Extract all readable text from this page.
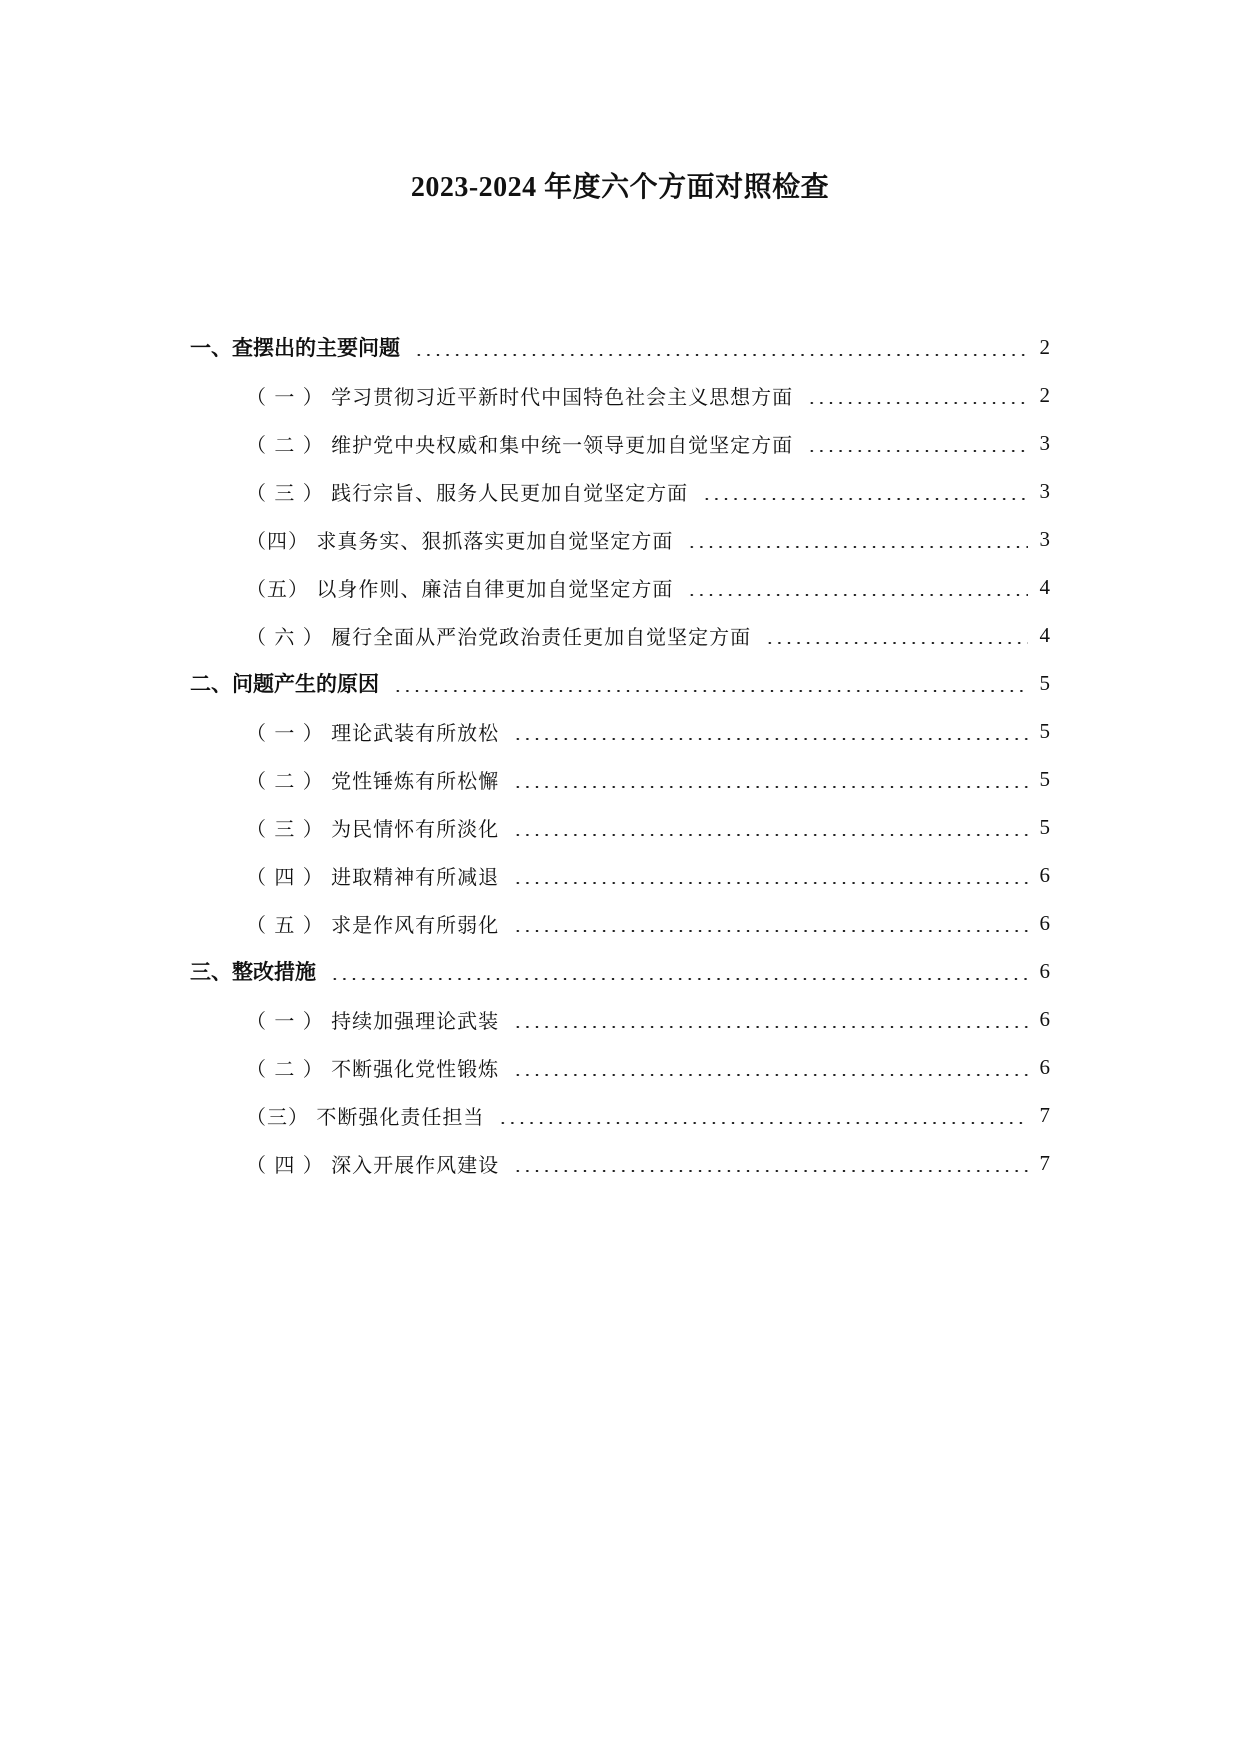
2023-2024 年度六个方面对照检查
一、查摆出的主要问题	2
（ 一 ） 学习贯彻习近平新时代中国特色社会主义思想方面	2
（ 二 ） 维护党中央权威和集中统一领导更加自觉坚定方面	3
（ 三 ） 践行宗旨、服务人民更加自觉坚定方面	3
（四） 求真务实、狠抓落实更加自觉坚定方面	3
（五） 以身作则、廉洁自律更加自觉坚定方面	4
（ 六 ） 履行全面从严治党政治责任更加自觉坚定方面	4
二、问题产生的原因	5
（ 一 ） 理论武装有所放松	5
（ 二 ） 党性锤炼有所松懈	5
（ 三 ） 为民情怀有所淡化	5
（ 四 ） 进取精神有所减退	6
（ 五 ） 求是作风有所弱化	6
三、整改措施	6
（ 一 ） 持续加强理论武装	6
（ 二 ） 不断强化党性锻炼	6
（三） 不断强化责任担当	7
（ 四 ） 深入开展作风建设	7
